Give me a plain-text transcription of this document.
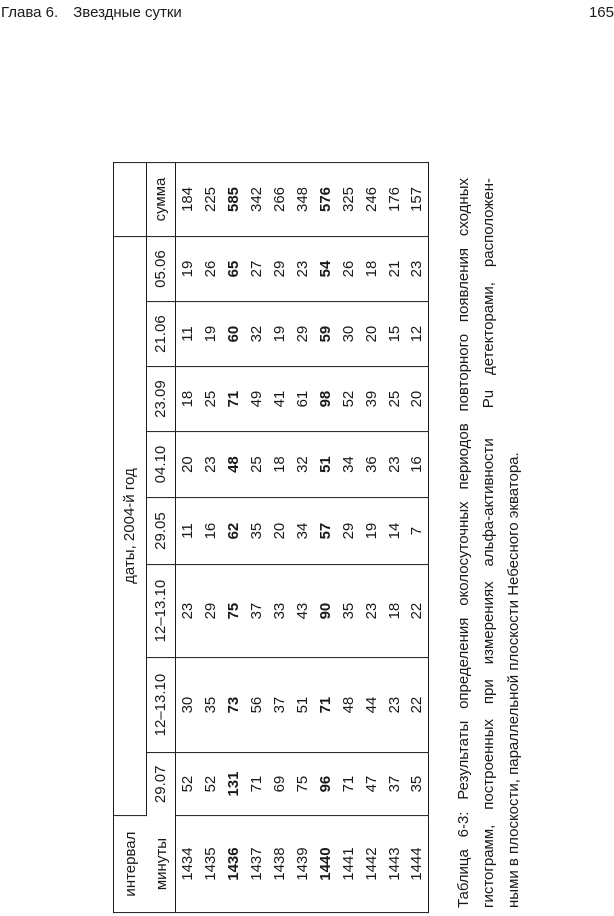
Глава 6. Звездные сутки	165
интервал минуты	даты, 2004-й год								
	29.07	12–13.10	12–13.10	29.05	04.10	23.09	21.06	05.06	сумма
1434	52	30	23	11	20	18	11	19	184
1435	52	35	29	16	23	25	19	26	225
1436	131	73	75	62	48	71	60	65	585
1437	71	56	37	35	25	49	32	27	342
1438	69	37	33	20	18	41	19	29	266
1439	75	51	43	34	32	61	29	23	348
1440	96	71	90	57	51	98	59	54	576
1441	71	48	35	29	34	52	30	26	325
1442	47	44	23	19	36	39	20	18	246
1443	37	23	18	14	23	25	15	21	176
1444	35	22	22	7	16	20	12	23	157 Таблица 6-3: Результаты определения околосуточных периодов повторного появления сходных гистограмм, построенных при измерениях альфа-активности   Pu детекторами, расположен- ными в плоскости, параллельной плоскости Небесного экватора.
